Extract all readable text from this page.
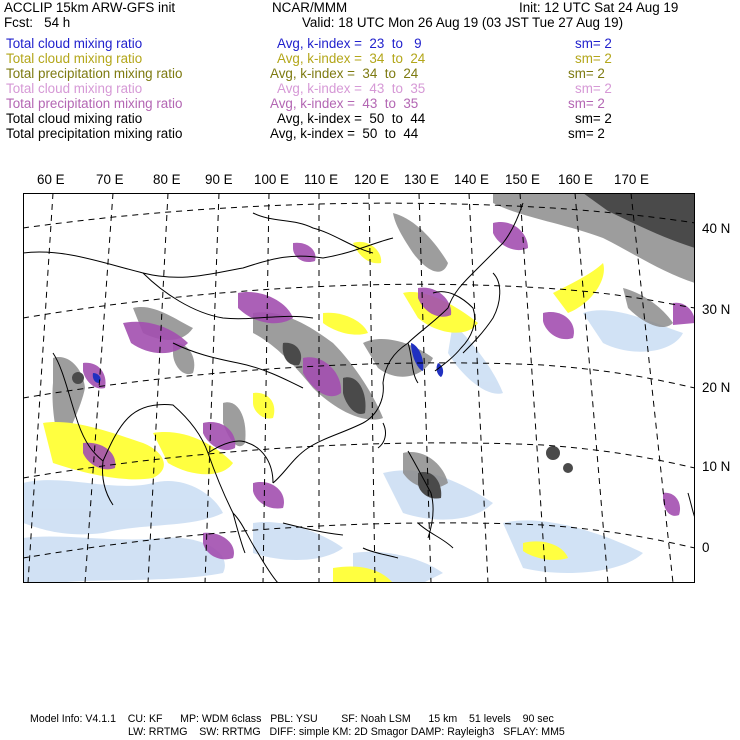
ACCLIP 15km ARW-GFS init
Fcst:   54 h
NCAR/MMM	Init: 12 UTC Sat 24 Aug 19
Valid: 18 UTC Mon 26 Aug 19 (03 JST Tue 27 Aug 19)
Total cloud mixing ratio	Avg, k-index =  23  to   9	sm= 2
Total cloud mixing ratio	Avg, k-index =  34  to  24	sm= 2
Total precipitation mixing ratio	Avg, k-index =  34  to  24	sm= 2
Total cloud mixing ratio	Avg, k-index =  43  to  35	sm= 2
Total precipitation mixing ratio	Avg, k-index =  43  to  35	sm= 2
Total cloud mixing ratio	Avg, k-index =  50  to  44	sm= 2
Total precipitation mixing ratio	Avg, k-index =  50  to  44	sm= 2
60 E 70 E 80 E 90 E 100 E 110 E 120 E 130 E 140 E 150 E 160 E 170 E
40 N
30 N
20 N
10 N
0
Model Info: V4.1.1    CU: KF      MP: WDM 6class   PBL: YSU        SF: Noah LSM      15 km    51 levels    90 sec
LW: RRTMG    SW: RRTMG   DIFF: simple KM: 2D Smagor DAMP: Rayleigh3   SFLAY: MM5
